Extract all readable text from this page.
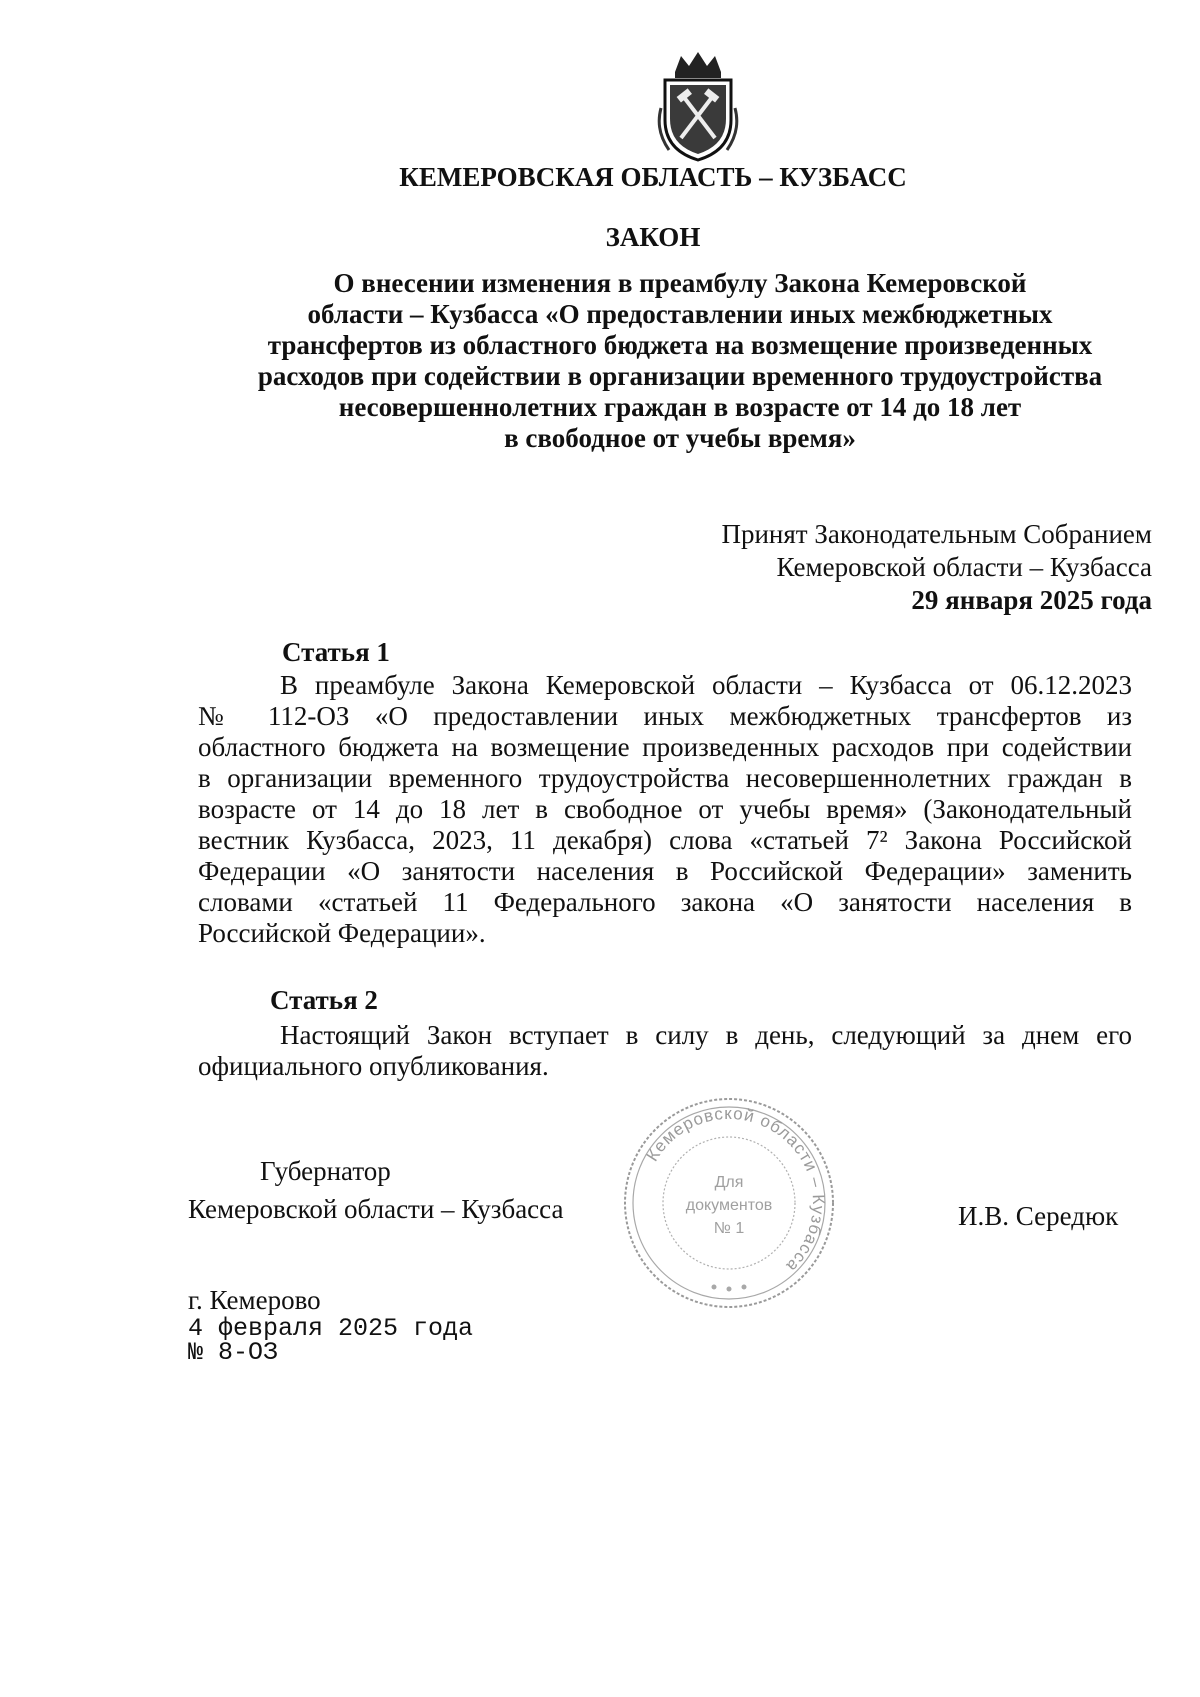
КЕМЕРОВСКАЯ ОБЛАСТЬ – КУЗБАСС
ЗАКОН
О внесении изменения в преамбулу Закона Кемеровской
области – Кузбасса «О предоставлении иных межбюджетных
трансфертов из областного бюджета на возмещение произведенных
расходов при содействии в организации временного трудоустройства
несовершеннолетних граждан в возрасте от 14 до 18 лет
в свободное от учебы время»
Принят Законодательным Собранием
Кемеровской области – Кузбасса
29 января 2025 года
Статья 1
В преамбуле Закона Кемеровской области – Кузбасса от 06.12.2023
№ 112-ОЗ «О предоставлении иных межбюджетных трансфертов из
областного бюджета на возмещение произведенных расходов при содействии
в организации временного трудоустройства несовершеннолетних граждан в
возрасте от 14 до 18 лет в свободное от учебы время» (Законодательный
вестник Кузбасса, 2023, 11 декабря) слова «статьей 7² Закона Российской
Федерации «О занятости населения в Российской Федерации» заменить
словами «статьей 11 Федерального закона «О занятости населения в
Российской Федерации».
Статья 2
Настоящий Закон вступает в силу в день, следующий за днем его
официального опубликования.
Губернатор
Кемеровской области – Кузбасса
Кемеровской области – Кузбасса
Для
документов
№ 1	И.В. Середюк
г. Кемерово
4 февраля 2025 года
№ 8-ОЗ
